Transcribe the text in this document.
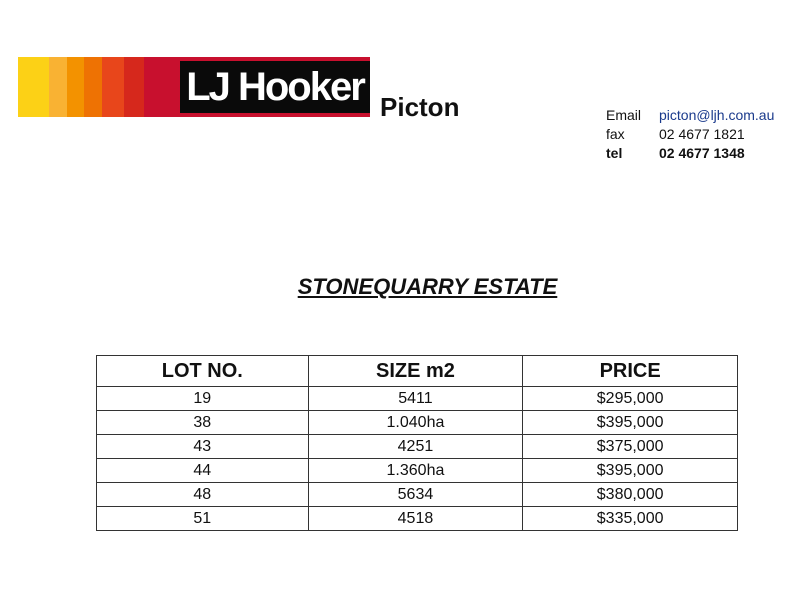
LJ Hooker Picton	Email	picton@ljh.com.au
fax	02 4677 1821
tel	02 4677 1348
STONEQUARRY ESTATE
LOT NO.	SIZE m2	PRICE
19	5411	$295,000
38	1.040ha	$395,000
43	4251	$375,000
44	1.360ha	$395,000
48	5634	$380,000
51	4518	$335,000
